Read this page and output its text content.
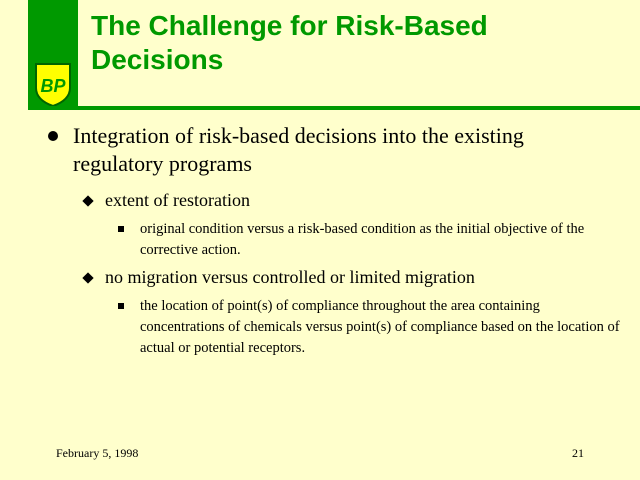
BP
The Challenge for Risk-Based
Decisions
Integration of risk-based decisions into the existing regulatory programs
extent of restoration
original condition versus a risk-based condition as the initial objective of the corrective action.
no migration versus controlled or limited migration
the location of point(s) of compliance throughout the area containing concentrations of chemicals versus point(s) of compliance based on the location of actual or potential receptors.
February 5, 1998	21
